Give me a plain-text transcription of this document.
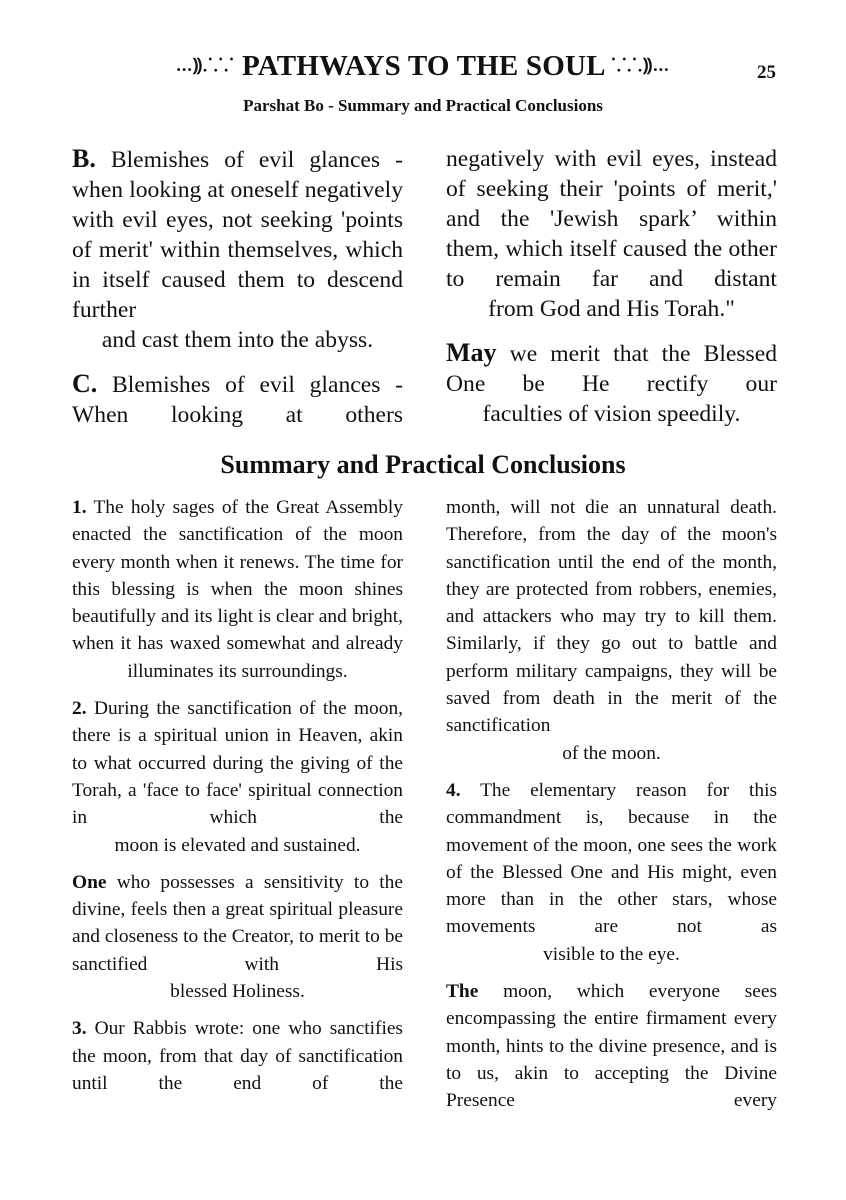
...⸩⸫⸪ PATHWAYS TO THE SOUL ⸪⸫⸩...	25
Parshat Bo - Summary and Practical Conclusions

B. Blemishes of evil glances - when looking at oneself negatively with evil eyes, not seeking 'points of merit' within themselves, which in itself caused them to descend further

and cast them into the abyss.

C. Blemishes of evil glances - When looking at others

negatively with evil eyes, instead of seeking their 'points of merit,' and the 'Jewish spark’ within them, which itself caused the other to remain far and distant

from God and His Torah."

May we merit that the Blessed One be He rectify our

faculties of vision speedily.

Summary and Practical Conclusions

1. The holy sages of the Great Assembly enacted the sanctification of the moon every month when it renews. The time for this blessing is when the moon shines beautifully and its light is clear and bright, when it has waxed somewhat and already

illuminates its surroundings.

2. During the sanctification of the moon, there is a spiritual union in Heaven, akin to what occurred during the giving of the Torah, a 'face to face' spiritual connection in which the

moon is elevated and sustained.

One who possesses a sensitivity to the divine, feels then a great spiritual pleasure and closeness to the Creator, to merit to be sanctified with His

blessed Holiness.

3. Our Rabbis wrote: one who sanctifies the moon, from that day of sanctification until the end of the

month, will not die an unnatural death. Therefore, from the day of the moon's sanctification until the end of the month, they are protected from robbers, enemies, and attackers who may try to kill them. Similarly, if they go out to battle and perform military campaigns, they will be saved from death in the merit of the sanctification

of the moon.

4. The elementary reason for this commandment is, because in the movement of the moon, one sees the work of the Blessed One and His might, even more than in the other stars, whose movements are not as

visible to the eye.

The moon, which everyone sees encompassing the entire firmament every month, hints to the divine presence, and is to us, akin to accepting the Divine Presence every
